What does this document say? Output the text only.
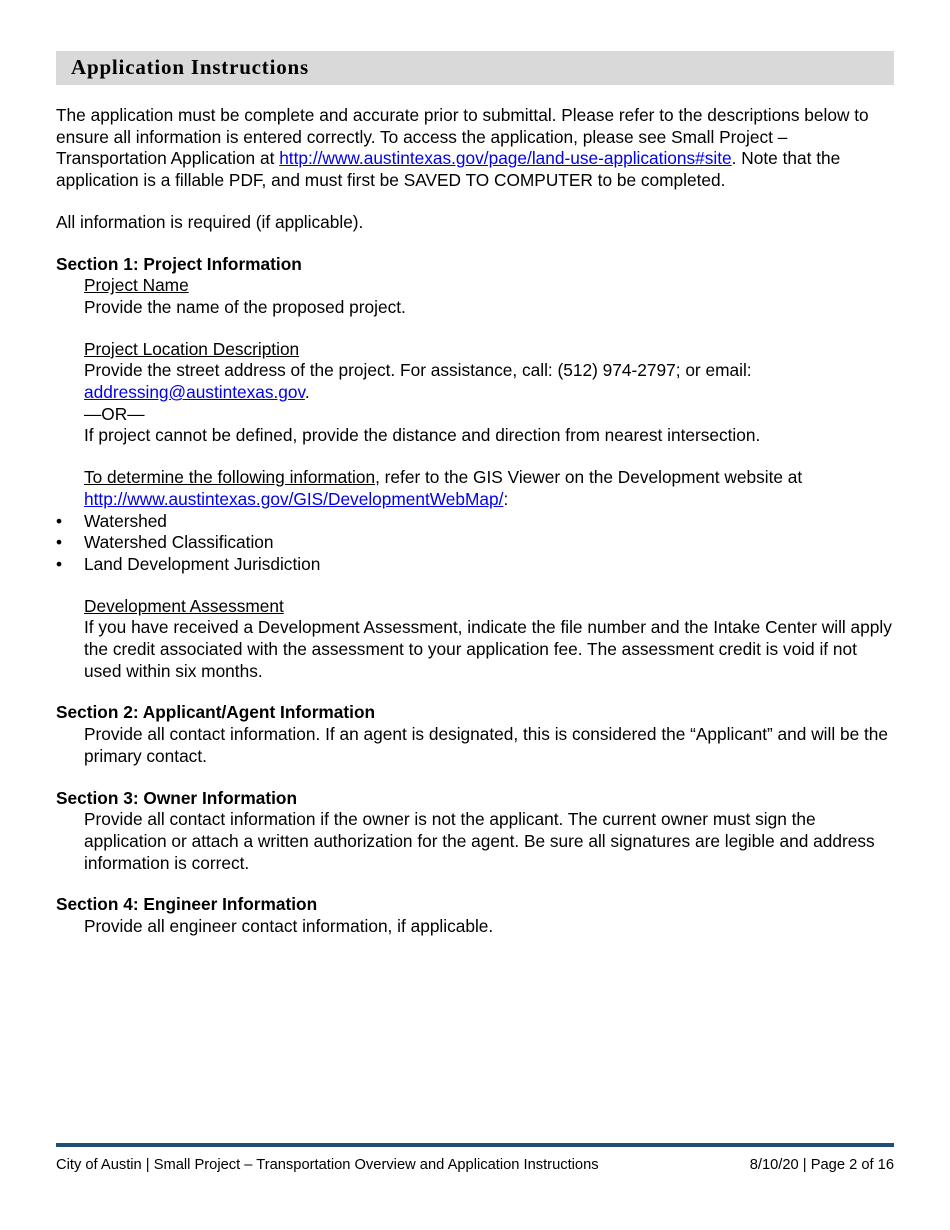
Application Instructions

The application must be complete and accurate prior to submittal. Please refer to the descriptions below to ensure all information is entered correctly. To access the application, please see Small Project – Transportation Application at http://www.austintexas.gov/page/land-use-applications#site. Note that the application is a fillable PDF, and must first be SAVED TO COMPUTER to be completed.

All information is required (if applicable).

Section 1: Project Information

Project Name

Provide the name of the proposed project.

Project Location Description

Provide the street address of the project. For assistance, call: (512) 974-2797; or email: addressing@austintexas.gov.

—OR—

If project cannot be defined, provide the distance and direction from nearest intersection.

To determine the following information, refer to the GIS Viewer on the Development website at http://www.austintexas.gov/GIS/DevelopmentWebMap/:

•	Watershed
•	Watershed Classification
•	Land Development Jurisdiction

Development Assessment

If you have received a Development Assessment, indicate the file number and the Intake Center will apply the credit associated with the assessment to your application fee. The assessment credit is void if not used within six months.

Section 2: Applicant/Agent Information

Provide all contact information. If an agent is designated, this is considered the “Applicant” and will be the primary contact.

Section 3: Owner Information

Provide all contact information if the owner is not the applicant. The current owner must sign the application or attach a written authorization for the agent. Be sure all signatures are legible and address information is correct.

Section 4: Engineer Information

Provide all engineer contact information, if applicable.

City of Austin | Small Project – Transportation Overview and Application Instructions	8/10/20 | Page 2 of 16
